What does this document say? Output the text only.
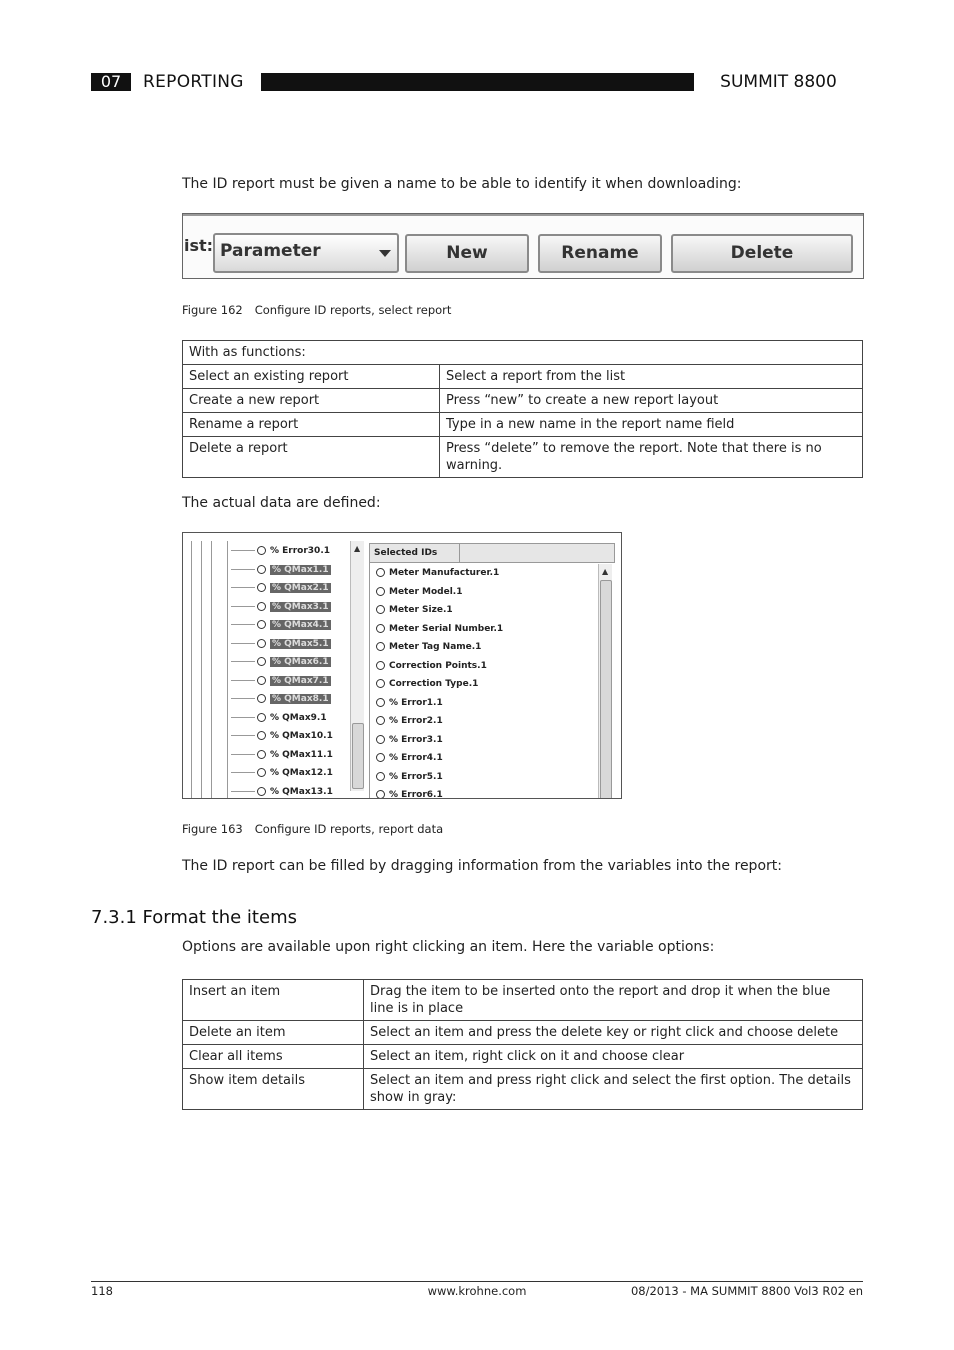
07	REPORTING	SUMMIT 8800
The ID report must be given a name to be able to identify it when downloading:
ist: Parameter	New	Rename	Delete
Figure 162 Configure ID reports, select report
With as functions:	
Select an existing report	Select a report from the list
Create a new report	Press “new” to create a new report layout
Rename a report	Type in a new name in the report name field
Delete a report	Press “delete” to remove the report. Note that there is no warning.
The actual data are defined:
% Error30.1
% QMax1.1
% QMax2.1
% QMax3.1
% QMax4.1
% QMax5.1
% QMax6.1
% QMax7.1
% QMax8.1
% QMax9.1
% QMax10.1
% QMax11.1
% QMax12.1
% QMax13.1
▲	Selected IDs
Meter Manufacturer.1
Meter Model.1
Meter Size.1
Meter Serial Number.1
Meter Tag Name.1
Correction Points.1
Correction Type.1
% Error1.1
% Error2.1
% Error3.1
% Error4.1
% Error5.1
% Error6.1
▲
Figure 163 Configure ID reports, report data
The ID report can be filled by dragging information from the variables into the report:
7.3.1 Format the items
Options are available upon right clicking an item. Here the variable options:
Insert an item	Drag the item to be inserted onto the report and drop it when the blue line is in place
Delete an item	Select an item and press the delete key or right click and choose delete
Clear all items	Select an item, right click on it and choose clear
Show item details	Select an item and press right click and select the first option. The details show in gray:
118	www.krohne.com	08/2013 - MA SUMMIT 8800 Vol3 R02 en
